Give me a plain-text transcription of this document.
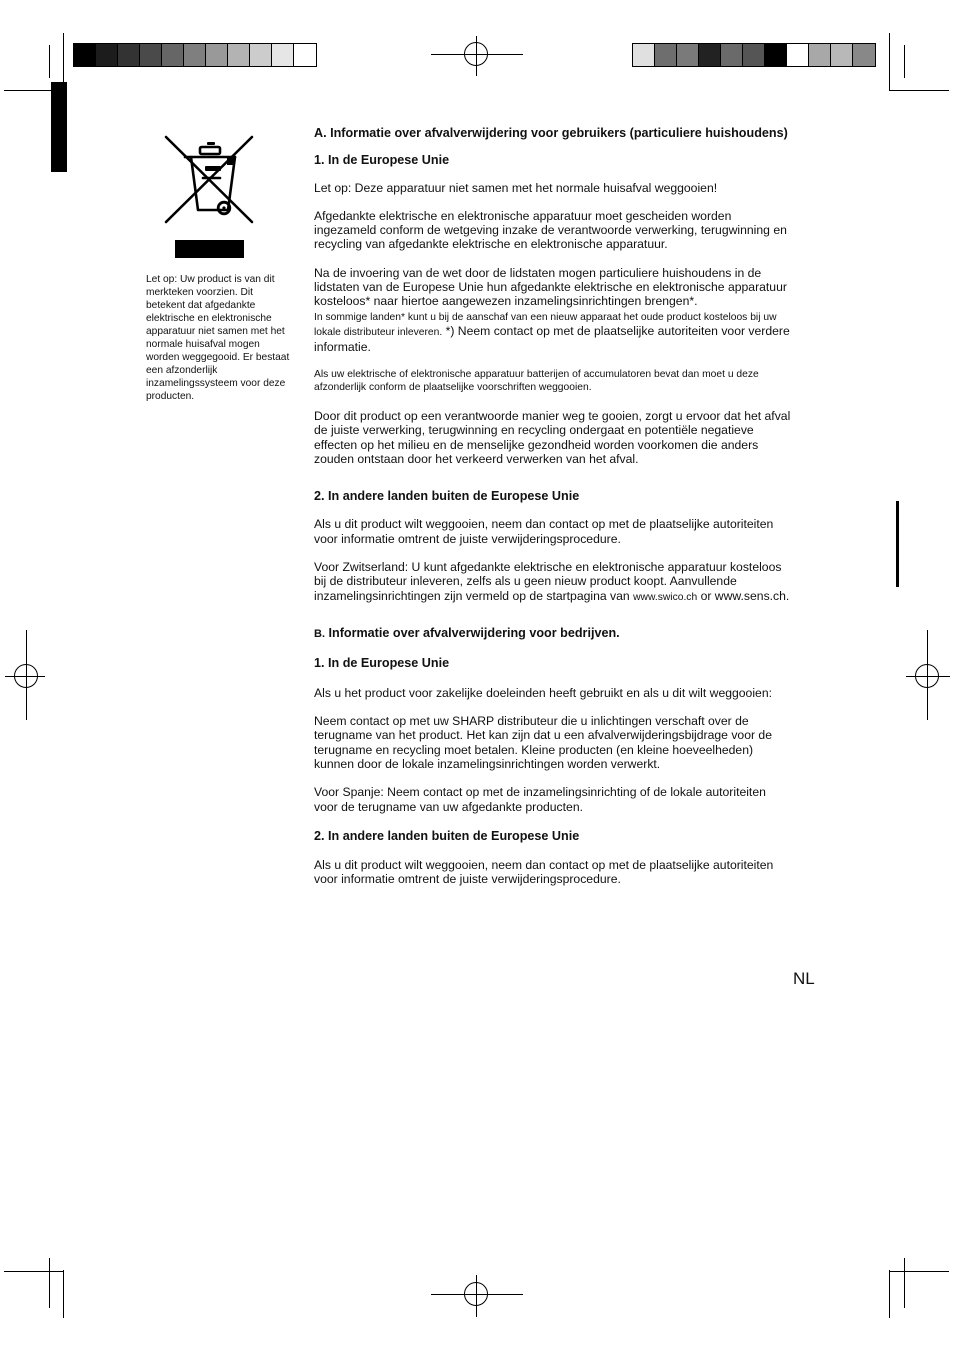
Let op: Uw product is van dit merkteken voorzien. Dit betekent dat afgedankte elektrische en elektronische apparatuur niet samen met het normale huisafval mogen worden weggegooid. Er bestaat een afzonderlijk inzamelingssysteem voor deze producten.

A. Informatie over afvalverwijdering voor gebruikers (particuliere huishoudens)

1. In de Europese Unie

Let op: Deze apparatuur niet samen met het normale huisafval weggooien!

Afgedankte elektrische en elektronische apparatuur moet gescheiden worden ingezameld conform de wetgeving inzake de verantwoorde verwerking, terugwinning en recycling van afgedankte elektrische en elektronische apparatuur.

Na de invoering van de wet door de lidstaten mogen particuliere huishoudens in de lidstaten van de Europese Unie hun afgedankte elektrische en elektronische apparatuur kosteloos* naar hiertoe aangewezen inzamelingsinrichtingen brengen*.
In sommige landen* kunt u bij de aanschaf van een nieuw apparaat het oude product kosteloos bij uw lokale distributeur inleveren. *) Neem contact op met de plaatselijke autoriteiten voor verdere informatie.

Als uw elektrische of elektronische apparatuur batterijen of accumulatoren bevat dan moet u deze afzonderlijk conform de plaatselijke voorschriften weggooien.

Door dit product op een verantwoorde manier weg te gooien, zorgt u ervoor dat het afval de juiste verwerking, terugwinning en recycling ondergaat en potentiële negatieve effecten op het milieu en de menselijke gezondheid worden voorkomen die anders zouden ontstaan door het verkeerd verwerken van het afval.

2. In andere landen buiten de Europese Unie

Als u dit product wilt weggooien, neem dan contact op met de plaatselijke autoriteiten voor informatie omtrent de juiste verwijderingsprocedure.

Voor Zwitserland: U kunt afgedankte elektrische en elektronische apparatuur kosteloos bij de distributeur inleveren, zelfs als u geen nieuw product koopt. Aanvullende inzamelingsinrichtingen zijn vermeld op de startpagina van www.swico.ch or www.sens.ch.

B. Informatie over afvalverwijdering voor bedrijven.

1. In de Europese Unie

Als u het product voor zakelijke doeleinden heeft gebruikt en als u dit wilt weggooien:

Neem contact op met uw SHARP distributeur die u inlichtingen verschaft over de terugname van het product. Het kan zijn dat u een afvalverwijderingsbijdrage voor de terugname en recycling moet betalen. Kleine producten (en kleine hoeveelheden) kunnen door de lokale inzamelingsinrichtingen worden verwerkt.

Voor Spanje: Neem contact op met de inzamelingsinrichting of de lokale autoriteiten voor de terugname van uw afgedankte producten.

2. In andere landen buiten de Europese Unie

Als u dit product wilt weggooien, neem dan contact op met de plaatselijke autoriteiten voor informatie omtrent de juiste verwijderingsprocedure.

NL
